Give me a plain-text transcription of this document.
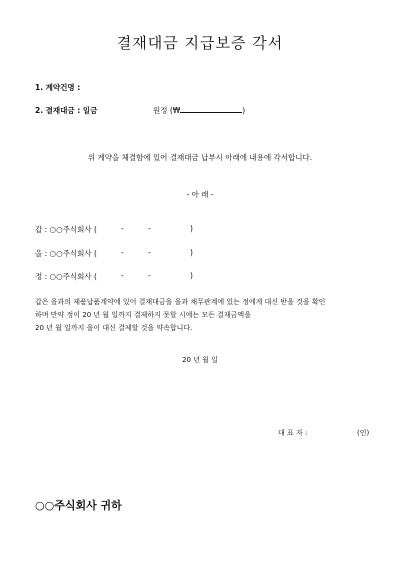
결재대금 지급보증 각서
1. 계약건명 :
2. 결재대금 : 일금	원정 (₩	)
위 계약을 체결함에 있어 결재대금 납부시 아래에 내용에 각서합니다.
- 아 래 -
갑 : ○○주식회사 (	-	-	)
을 : ○○주식회사 (	-	-	)
정 : ○○주식회사 (	-	-	)
갑은 을과의 제품납품계약에 있어 결재대금을 을과 채무관계에 있는 정에게 대신 받을 것을 확인
하며 만약 정이 20 년 월 일까지 결제하지 못할 시에는 모든 결재금액을
20 년 월 일까지 을이 대신 결제할 것을 약속합니다.
20 년 월 일
대 표 자 :	(인)
○○주식회사 귀하
